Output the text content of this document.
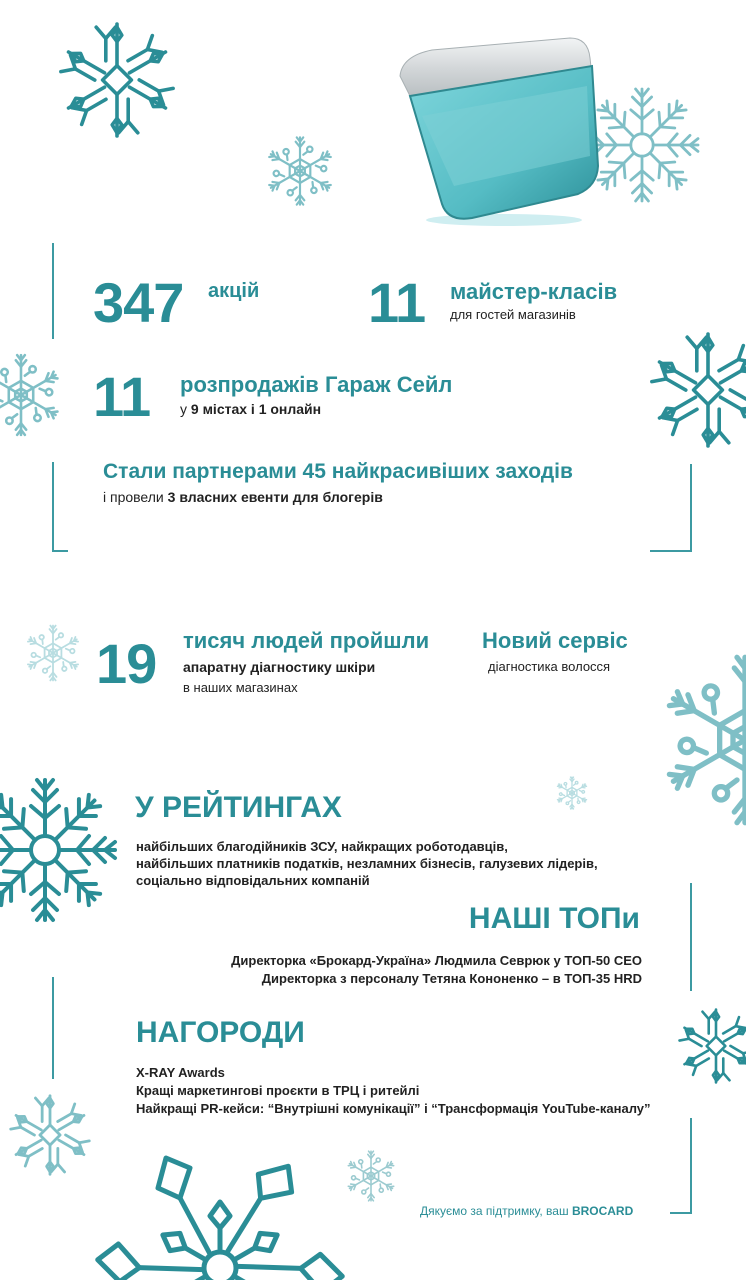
347 акцій 11 майстер-класів
для гостей магазинів
11 розпродажів Гараж Сейл
у 9 містах і 1 онлайн
Стали партнерами 45 найкрасивіших заходів
і провели 3 власних евенти для блогерів
19 тисяч людей пройшли
апаратну діагностику шкіри
в наших магазинах
Новий сервіс
діагностика волосся
У РЕЙТИНГАХ
найбільших благодійників ЗСУ, найкращих роботодавців,
найбільших платників податків, незламних бізнесів, галузевих лідерів,
соціально відповідальних компаній
НАШІ ТОПи
Директорка «Брокард-Україна» Людмила Севрюк у ТОП-50 CEO
Директорка з персоналу Тетяна Кононенко – в ТОП-35 HRD
НАГОРОДИ
X-RAY Awards
Кращі маркетингові проєкти в ТРЦ і ритейлі
Найкращі PR-кейси: “Внутрішні комунікації” і “Трансформація YouTube-каналу”
Дякуємо за підтримку, ваш BROCARD
